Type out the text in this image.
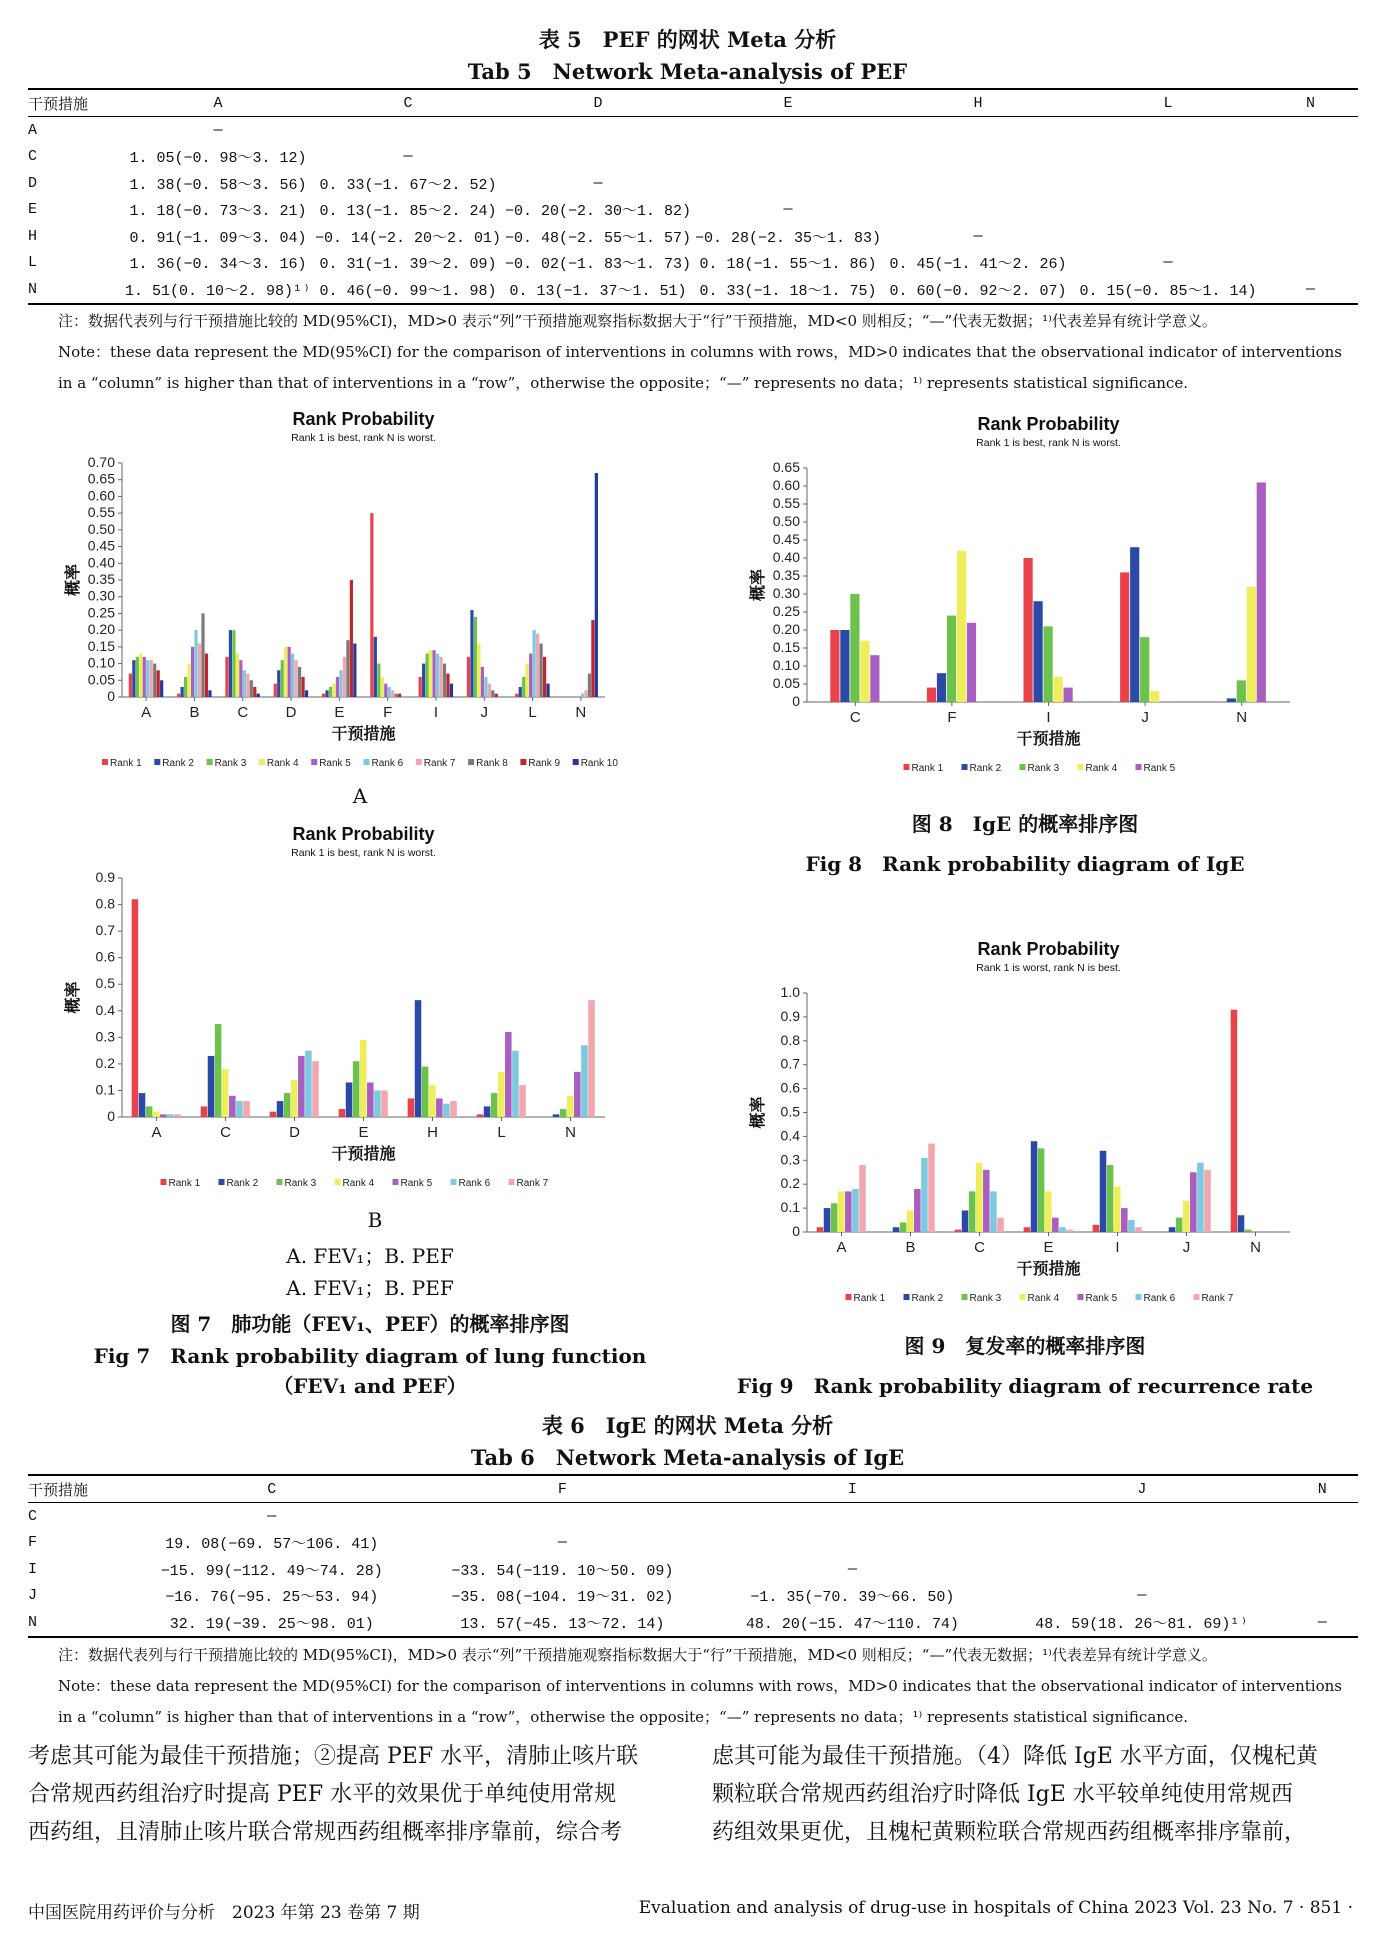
表 5　PEF 的网状 Meta 分析
Tab 5　Network Meta-analysis of PEF
干预措施	A	C	D	E	H	L	N
A	—						
C	1. 05(−0. 98～3. 12)	—					
D	1. 38(−0. 58～3. 56)	0. 33(−1. 67～2. 52)	—				
E	1. 18(−0. 73～3. 21)	0. 13(−1. 85～2. 24)	−0. 20(−2. 30～1. 82)	—			
H	0. 91(−1. 09～3. 04)	−0. 14(−2. 20～2. 01)	−0. 48(−2. 55～1. 57)	−0. 28(−2. 35～1. 83)	—		
L	1. 36(−0. 34～3. 16)	0. 31(−1. 39～2. 09)	−0. 02(−1. 83～1. 73)	0. 18(−1. 55～1. 86)	0. 45(−1. 41～2. 26)	—	
N	1. 51(0. 10～2. 98)¹⁾	0. 46(−0. 99～1. 98)	0. 13(−1. 37～1. 51)	0. 33(−1. 18～1. 75)	0. 60(−0. 92～2. 07)	0. 15(−0. 85～1. 14)	—
注：数据代表列与行干预措施比较的 MD(95%CI)，MD>0 表示“列”干预措施观察指标数据大于“行”干预措施，MD<0 则相反；“—”代表无数据；¹⁾代表差异有统计学意义。
Note：these data represent the MD(95%CI) for the comparison of interventions in columns with rows，MD>0 indicates that the observational indicator of interventions in a “column” is higher than that of interventions in a “row”，otherwise the opposite；“—” represents no data；¹⁾ represents statistical significance.
Rank Probability
Rank 1 is best, rank N is worst.
0
0.05
0.10
0.15
0.20
0.25
0.30
0.35
0.40
0.45
0.50
0.55
0.60
0.65
0.70
概率
A	B	C D	E	F	I	J	L	N
干预措施
Rank 1 Rank 2 Rank 3 Rank 4 Rank 5 Rank 6 Rank 7 Rank 8 Rank 9 Rank 10
A
Rank Probability
Rank 1 is best, rank N is worst.
0
0.05
0.10
0.15
0.20
0.25
0.30
0.35
0.40
0.45
0.50
0.55
0.60
0.65
概率
C	F	I	J	N
干预措施
Rank 1	Rank 2	Rank 3	Rank 4	Rank 5
图 8　IgE 的概率排序图
Fig 8　Rank probability diagram of IgE
Rank Probability
Rank 1 is best, rank N is worst.
0
0.1
0.2
0.3
0.4
0.5
0.6
0.7
0.8
0.9
概率
A	C	D	E	H	L	N
干预措施
Rank 1	Rank 2	Rank 3	Rank 4	Rank 5	Rank 6	Rank 7
B
A. FEV₁；B. PEF
A. FEV₁；B. PEF
图 7　肺功能（FEV₁、PEF）的概率排序图
Fig 7　Rank probability diagram of lung function
（FEV₁ and PEF）
Rank Probability
Rank 1 is worst, rank N is best.
0
0.1
0.2
0.3
0.4
0.5
0.6
0.7
0.8
0.9
1.0
概率
A	B	C	E	I	J	N
干预措施
Rank 1	Rank 2	Rank 3	Rank 4	Rank 5	Rank 6	Rank 7
图 9　复发率的概率排序图
Fig 9　Rank probability diagram of recurrence rate
表 6　IgE 的网状 Meta 分析
Tab 6　Network Meta-analysis of IgE
干预措施	C	F	I	J	N
C	—				
F	19. 08(−69. 57～106. 41)	—			
I	−15. 99(−112. 49～74. 28)	−33. 54(−119. 10～50. 09)	—		
J	−16. 76(−95. 25～53. 94)	−35. 08(−104. 19～31. 02)	−1. 35(−70. 39～66. 50)	—	
N	32. 19(−39. 25～98. 01)	13. 57(−45. 13～72. 14)	48. 20(−15. 47～110. 74)	48. 59(18. 26～81. 69)¹⁾	—
注：数据代表列与行干预措施比较的 MD(95%CI)，MD>0 表示“列”干预措施观察指标数据大于“行”干预措施，MD<0 则相反；“—”代表无数据；¹⁾代表差异有统计学意义。
Note：these data represent the MD(95%CI) for the comparison of interventions in columns with rows，MD>0 indicates that the observational indicator of interventions in a “column” is higher than that of interventions in a “row”，otherwise the opposite；“—” represents no data；¹⁾ represents statistical significance.
考虑其可能为最佳干预措施；②提高 PEF 水平，清肺止咳片联
合常规西药组治疗时提高 PEF 水平的效果优于单纯使用常规
西药组，且清肺止咳片联合常规西药组概率排序靠前，综合考
虑其可能为最佳干预措施。（4）降低 IgE 水平方面，仅槐杞黄
颗粒联合常规西药组治疗时降低 IgE 水平较单纯使用常规西
药组效果更优，且槐杞黄颗粒联合常规西药组概率排序靠前，
中国医院用药评价与分析　2023 年第 23 卷第 7 期	Evaluation and analysis of drug-use in hospitals of China 2023 Vol. 23 No. 7 · 851 ·
